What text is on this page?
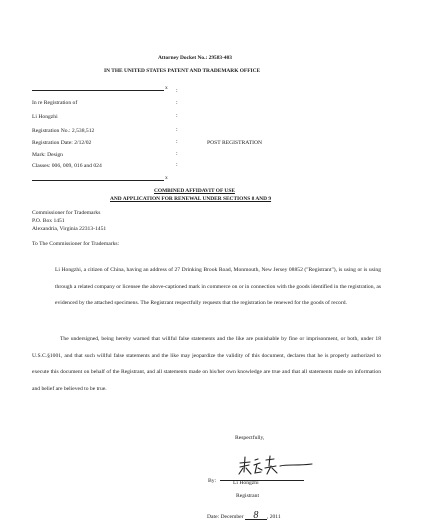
Attorney Docket No.: 29583-403
IN THE UNITED STATES PATENT AND TRADEMARK OFFICE
x
In re Registration of
Li Hongzhi
Registration No.: 2,538,512
Registration Date: 2/12/02
Mark: Design
Classes: 006, 009, 016 and 024
:
:
:
:
:
:
:
POST REGISTRATION
x
COMBINED AFFIDAVIT OF USE
AND APPLICATION FOR RENEWAL UNDER SECTIONS 8 AND 9
Commissioner for Trademarks
P.O. Box 1451
Alexandria, Virginia 22313-1451
To The Commissioner for Trademarks:

Li Hongzhi, a citizen of China, having an address of 27 Drinking Brook Road, Monmouth, New Jersey 08852 ("Registrant"), is using or is using through a related company or licensee the above-captioned mark in commerce on or in connection with the goods identified in the registration, as evidenced by the attached specimens. The Registrant respectfully requests that the registration be renewed for the goods of record.

The undersigned, being hereby warned that willful false statements and the like are punishable by fine or imprisonment, or both, under 18 U.S.C.§1001, and that such willful false statements and the like may jeopardize the validity of this document, declares that he is properly authorized to execute this document on behalf of the Registrant, and all statements made on his/her own knowledge are true and that all statements made on information and belief are believed to be true.

Respectfully,
By:	Li Hongzhi
Registrant
Date: December 8 , 2011
